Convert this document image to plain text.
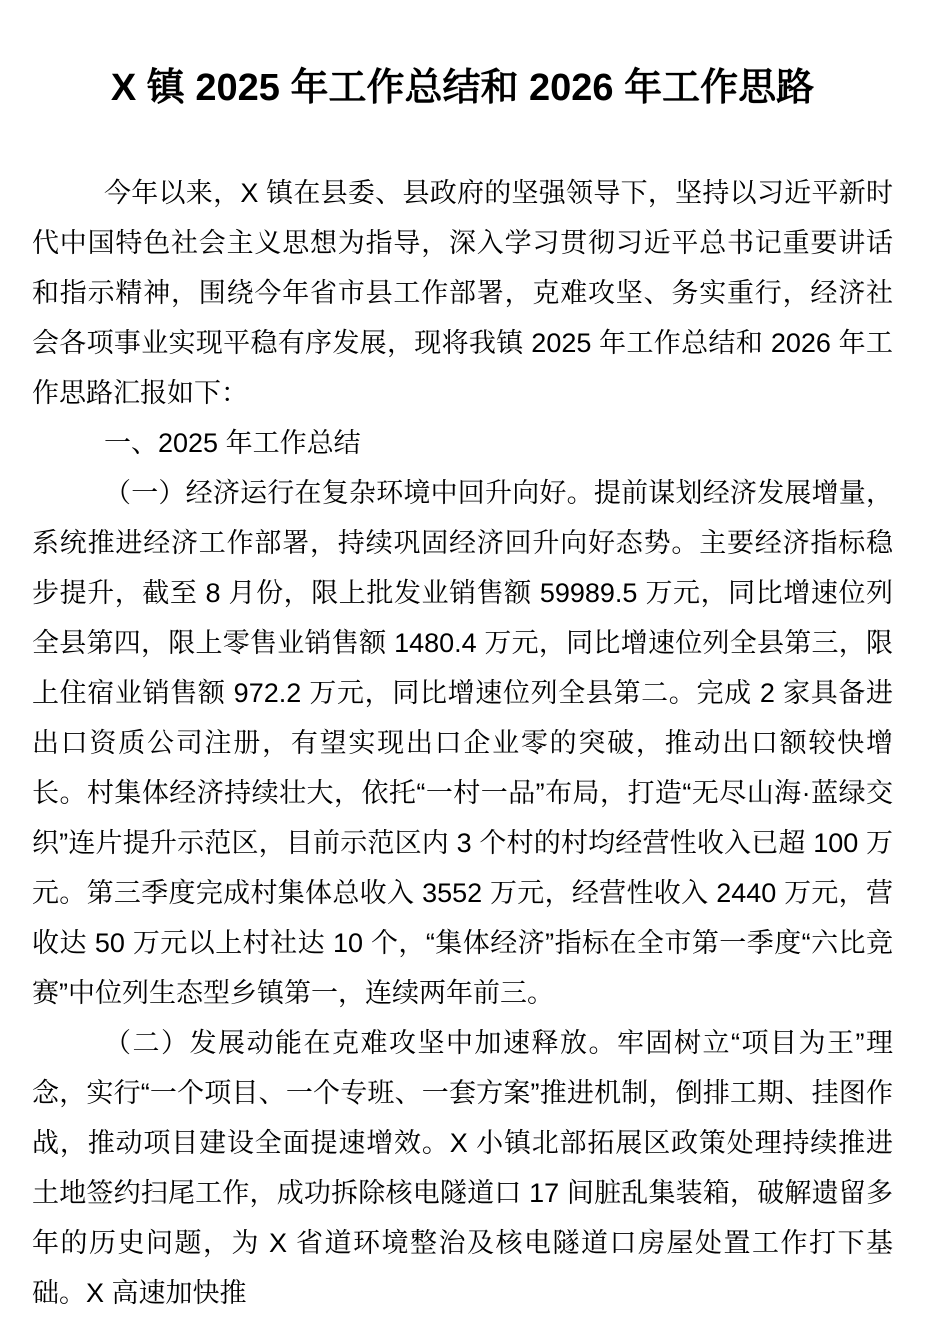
X 镇 2025 年工作总结和 2026 年工作思路

今年以来，X 镇在县委、县政府的坚强领导下，坚持以习近平新时代中国特色社会主义思想为指导，深入学习贯彻习近平总书记重要讲话和指示精神，围绕今年省市县工作部署，克难攻坚、务实重行，经济社会各项事业实现平稳有序发展，现将我镇 2025 年工作总结和 2026 年工作思路汇报如下：

一、2025 年工作总结

（一）经济运行在复杂环境中回升向好。提前谋划经济发展增量，系统推进经济工作部署，持续巩固经济回升向好态势。主要经济指标稳步提升，截至 8 月份，限上批发业销售额 59989.5 万元，同比增速位列全县第四，限上零售业销售额 1480.4 万元，同比增速位列全县第三，限上住宿业销售额 972.2 万元，同比增速位列全县第二。完成 2 家具备进出口资质公司注册，有望实现出口企业零的突破，推动出口额较快增长。村集体经济持续壮大，依托“一村一品”布局，打造“无尽山海·蓝绿交织”连片提升示范区，目前示范区内 3 个村的村均经营性收入已超 100 万元。第三季度完成村集体总收入 3552 万元，经营性收入 2440 万元，营收达 50 万元以上村社达 10 个，“集体经济”指标在全市第一季度“六比竞赛”中位列生态型乡镇第一，连续两年前三。

（二）发展动能在克难攻坚中加速释放。牢固树立“项目为王”理念，实行“一个项目、一个专班、一套方案”推进机制，倒排工期、挂图作战，推动项目建设全面提速增效。X 小镇北部拓展区政策处理持续推进土地签约扫尾工作，成功拆除核电隧道口 17 间脏乱集装箱，破解遗留多年的历史问题，为 X 省道环境整治及核电隧道口房屋处置工作打下基础。X 高速加快推
